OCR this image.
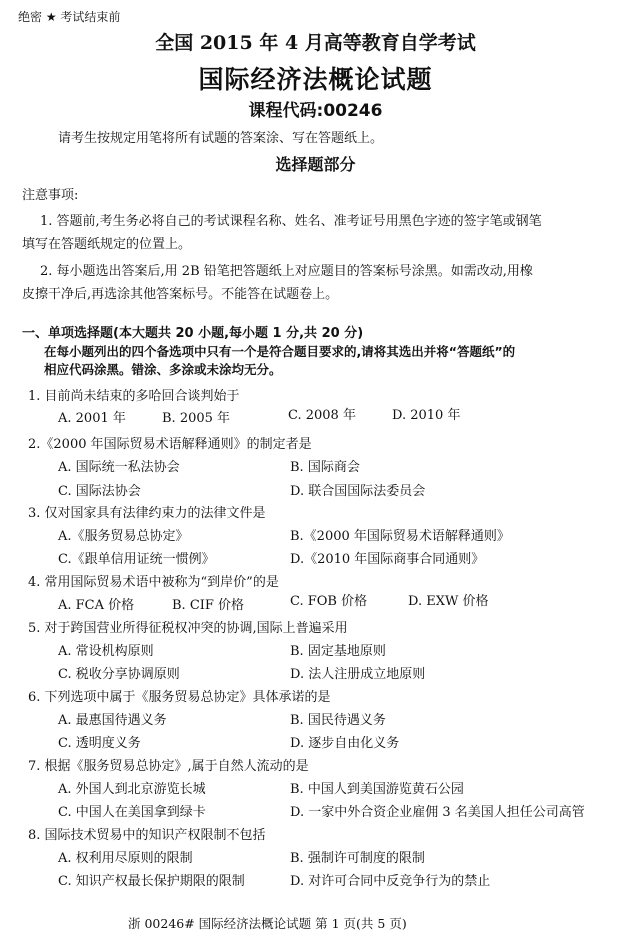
绝密 ★ 考试结束前
全国 2015 年 4 月高等教育自学考试
国际经济法概论试题
课程代码:00246
请考生按规定用笔将所有试题的答案涂、写在答题纸上。
选择题部分
注意事项:
1. 答题前,考生务必将自己的考试课程名称、姓名、准考证号用黑色字迹的签字笔或钢笔
填写在答题纸规定的位置上。
2. 每小题选出答案后,用 2B 铅笔把答题纸上对应题目的答案标号涂黑。如需改动,用橡
皮擦干净后,再选涂其他答案标号。不能答在试题卷上。
一、单项选择题(本大题共 20 小题,每小题 1 分,共 20 分)
在每小题列出的四个备选项中只有一个是符合题目要求的,请将其选出并将“答题纸”的
相应代码涂黑。错涂、多涂或未涂均无分。
1. 目前尚未结束的多哈回合谈判始于
A. 2001 年	B. 2005 年	C. 2008 年	D. 2010 年
2.《2000 年国际贸易术语解释通则》的制定者是
A. 国际统一私法协会	B. 国际商会
C. 国际法协会	D. 联合国国际法委员会
3. 仅对国家具有法律约束力的法律文件是
A.《服务贸易总协定》	B.《2000 年国际贸易术语解释通则》
C.《跟单信用证统一惯例》	D.《2010 年国际商事合同通则》
4. 常用国际贸易术语中被称为“到岸价”的是
A. FCA 价格	B. CIF 价格	C. FOB 价格	D. EXW 价格
5. 对于跨国营业所得征税权冲突的协调,国际上普遍采用
A. 常设机构原则	B. 固定基地原则
C. 税收分享协调原则	D. 法人注册成立地原则
6. 下列选项中属于《服务贸易总协定》具体承诺的是
A. 最惠国待遇义务	B. 国民待遇义务
C. 透明度义务	D. 逐步自由化义务
7. 根据《服务贸易总协定》,属于自然人流动的是
A. 外国人到北京游览长城	B. 中国人到美国游览黄石公园
C. 中国人在美国拿到绿卡	D. 一家中外合资企业雇佣 3 名美国人担任公司高管
8. 国际技术贸易中的知识产权限制不包括
A. 权利用尽原则的限制	B. 强制许可制度的限制
C. 知识产权最长保护期限的限制	D. 对许可合同中反竞争行为的禁止
浙 00246# 国际经济法概论试题 第 1 页(共 5 页)
